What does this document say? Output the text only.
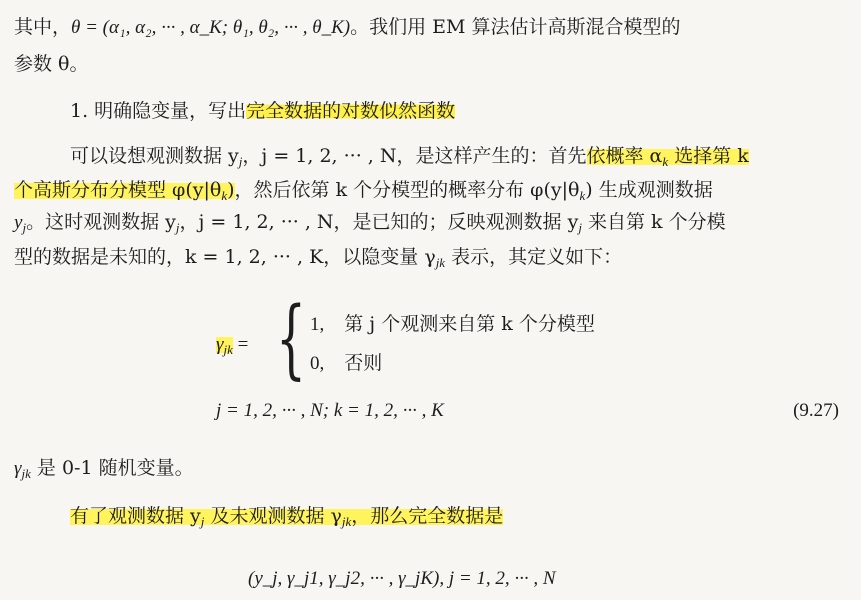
其中，θ = (α₁, α₂, ··· , α_K; θ₁, θ₂, ··· , θ_K)。我们用 EM 算法估计高斯混合模型的
参数 θ。
1. 明确隐变量，写出完全数据的对数似然函数
可以设想观测数据 $y_j$，j = 1, 2, ··· , N，是这样产生的：首先依概率 $\alpha_k$ 选择第 k
个高斯分布分模型 $\varphi(y|\theta_k)$，然后依第 k 个分模型的概率分布 $\varphi(y|\theta_k)$ 生成观测数据
$y_j$。这时观测数据 $y_j$，j = 1, 2, ··· , N，是已知的；反映观测数据 $y_j$ 来自第 k 个分模
型的数据是未知的，k = 1, 2, ··· , K，以隐变量 $\gamma_{jk}$ 表示，其定义如下：
$\gamma_{jk}$ = { 1, 第 j 个观测来自第 k 个分模型
0, 否则
j = 1, 2, ··· , N; k = 1, 2, ··· , K	(9.27)
$\gamma_{jk}$ 是 0-1 随机变量。
有了观测数据 $y_j$ 及未观测数据 $\gamma_{jk}$，那么完全数据是
(y_j, γ_j1, γ_j2, ··· , γ_jK), j = 1, 2, ··· , N
